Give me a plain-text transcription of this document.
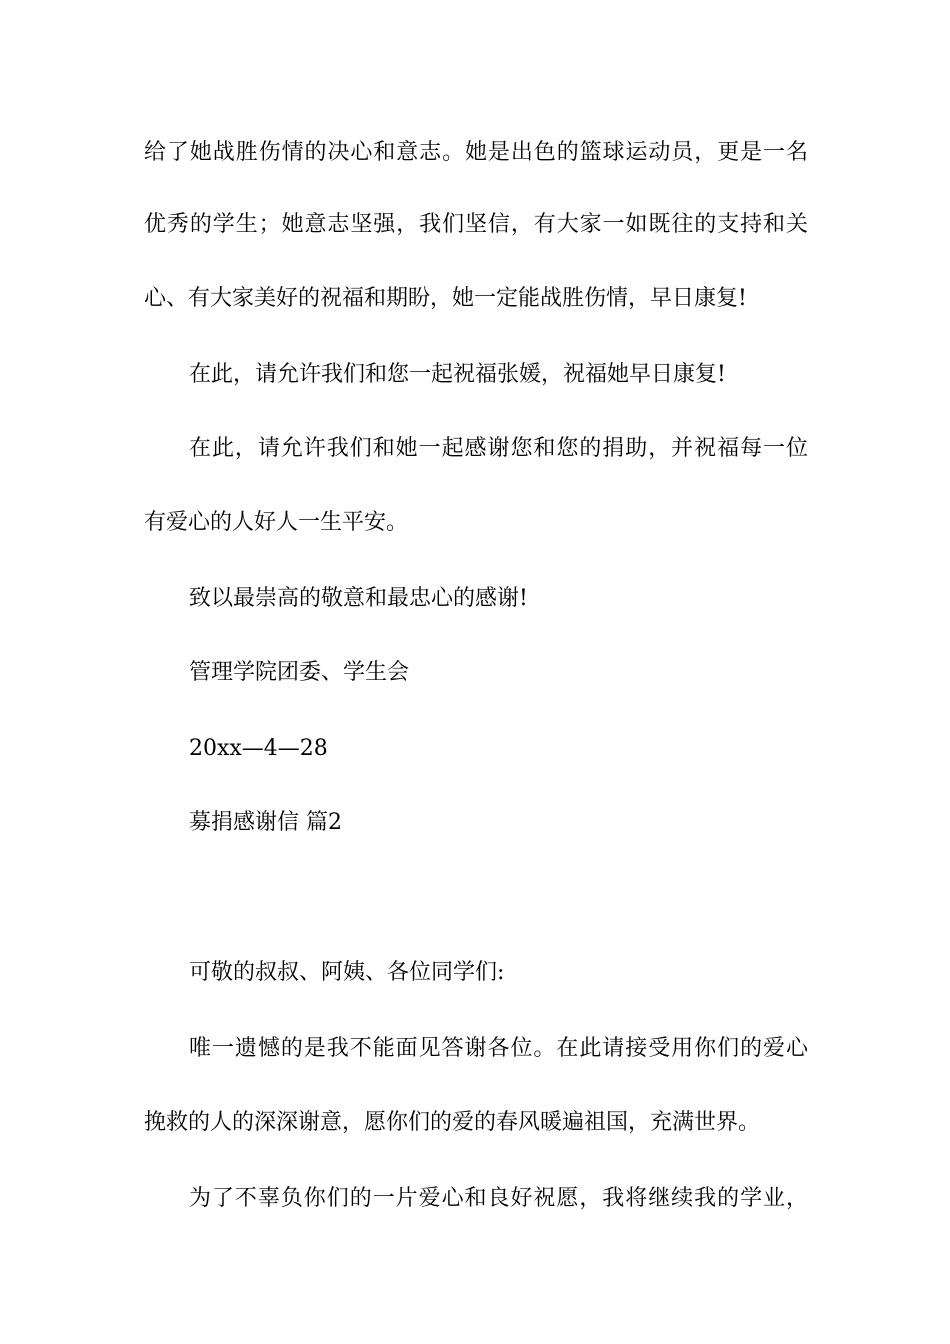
给了她战胜伤情的决心和意志。她是出色的篮球运动员，更是一名
优秀的学生；她意志坚强，我们坚信，有大家一如既往的支持和关
心、有大家美好的祝福和期盼，她一定能战胜伤情，早日康复!
在此，请允许我们和您一起祝福张媛，祝福她早日康复!
在此，请允许我们和她一起感谢您和您的捐助，并祝福每一位
有爱心的人好人一生平安。
致以最崇高的敬意和最忠心的感谢!
管理学院团委、学生会
20xx—4—28
募捐感谢信 篇2
可敬的叔叔、阿姨、各位同学们:
唯一遗憾的是我不能面见答谢各位。在此请接受用你们的爱心
挽救的人的深深谢意，愿你们的爱的春风暖遍祖国，充满世界。
为了不辜负你们的一片爱心和良好祝愿，我将继续我的学业，
